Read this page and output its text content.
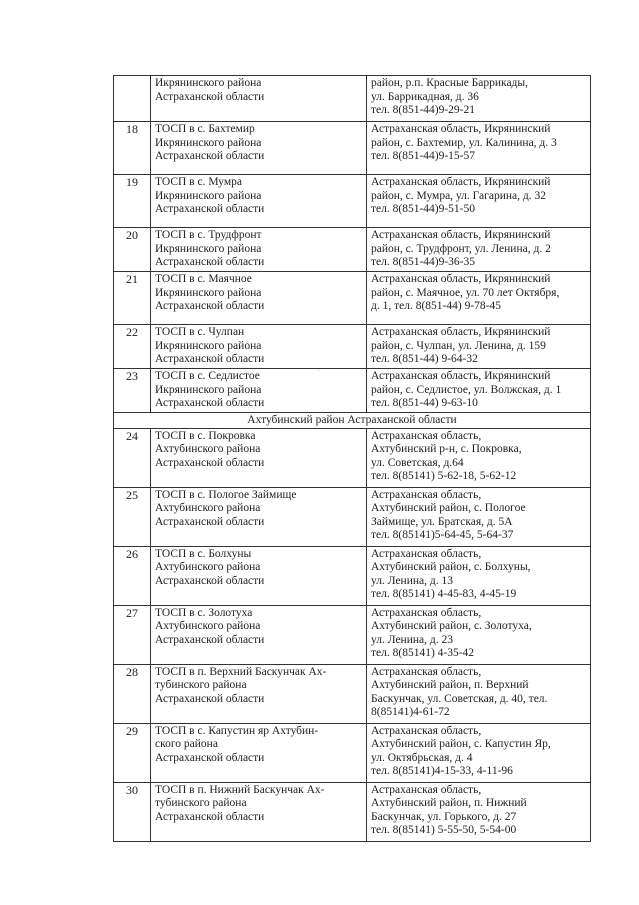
	Икрянинского района
Астраханской области	район, р.п. Красные Баррикады,
ул. Баррикадная, д. 36
тел. 8(851-44)9-29-21

18	ТОСП в с. Бахтемир
Икрянинского района
Астраханской области	Астраханская область, Икрянинский
район, с. Бахтемир, ул. Калинина, д. 3
тел. 8(851-44)9-15-57

19	ТОСП в с. Мумра
Икрянинского района
Астраханской области	Астраханская область, Икрянинский
район, с. Мумра, ул. Гагарина, д. 32
тел. 8(851-44)9-51-50

20	ТОСП в с. Трудфронт
Икрянинского района
Астраханской области	Астраханская область, Икрянинский
район, с. Трудфронт, ул. Ленина, д. 2
тел. 8(851-44)9-36-35

21	ТОСП в с. Маячное
Икрянинского района
Астраханской области	Астраханская область, Икрянинский
район, с. Маячное, ул. 70 лет Октября,
д. 1, тел. 8(851-44) 9-78-45

22	ТОСП в с. Чулпан
Икрянинского района
Астраханской области	Астраханская область, Икрянинский
район, с. Чулпан, ул. Ленина, д. 159
тел. 8(851-44) 9-64-32

23	ТОСП в с. Седлистое
Икрянинского района
Астраханской области	Астраханская область, Икрянинский
район, с. Седлистое, ул. Волжская, д. 1
тел. 8(851-44) 9-63-10

Ахтубинский район Астраханской области		
24	ТОСП в с. Покровка
Ахтубинского района
Астраханской области	Астраханская область,
Ахтубинский р-н, с. Покровка,
ул. Советская, д.64
тел. 8(85141) 5-62-18, 5-62-12

25	ТОСП в с. Пологое Займище
Ахтубинского района
Астраханской области	Астраханская область,
Ахтубинский район, с. Пологое
Займище, ул. Братская, д. 5А
тел. 8(85141)5-64-45, 5-64-37

26	ТОСП в с. Болхуны
Ахтубинского района
Астраханской области	Астраханская область,
Ахтубинский район, с. Болхуны,
ул. Ленина, д. 13
тел. 8(85141) 4-45-83, 4-45-19

27	ТОСП в с. Золотуха
Ахтубинского района
Астраханской области	Астраханская область,
Ахтубинский район, с. Золотуха,
ул. Ленина, д. 23
тел. 8(85141) 4-35-42

28	ТОСП в п. Верхний Баскунчак Ах-
тубинского района
Астраханской области	Астраханская область,
Ахтубинский район, п. Верхний
Баскунчак, ул. Советская, д. 40, тел.
8(85141)4-61-72

29	ТОСП в с. Капустин яр Ахтубин-
ского района
Астраханской области	Астраханская область,
Ахтубинский район, с. Капустин Яр,
ул. Октябрьская, д. 4
тел. 8(85141)4-15-33, 4-11-96

30	ТОСП в п. Нижний Баскунчак Ах-
тубинского района
Астраханской области	Астраханская область,
Ахтубинский район, п. Нижний
Баскунчак, ул. Горького, д. 27
тел. 8(85141) 5-55-50, 5-54-00
·
·
